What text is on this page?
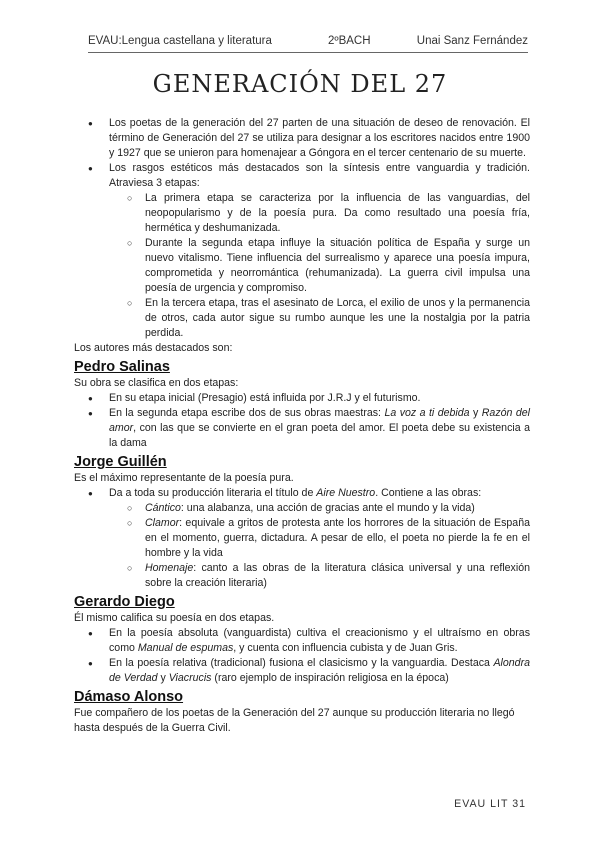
EVAU:Lengua castellana y literatura	2ºBACH	Unai Sanz Fernández
GENERACIÓN DEL 27
● Los poetas de la generación del 27 parten de una situación de deseo de renovación. El término de Generación del 27 se utiliza para designar a los escritores nacidos entre 1900 y 1927 que se unieron para homenajear a Góngora en el tercer centenario de su muerte.
● Los rasgos estéticos más destacados son la síntesis entre vanguardia y tradición. Atraviesa 3 etapas:
○ La primera etapa se caracteriza por la influencia de las vanguardias, del neopopularismo y de la poesía pura. Da como resultado una poesía fría, hermética y deshumanizada.
○ Durante la segunda etapa influye la situación política de España y surge un nuevo vitalismo. Tiene influencia del surrealismo y aparece una poesía impura, comprometida y neorromántica (rehumanizada). La guerra civil impulsa una poesía de urgencia y compromiso.
○ En la tercera etapa, tras el asesinato de Lorca, el exilio de unos y la permanencia de otros, cada autor sigue su rumbo aunque les une la nostalgia por la patria perdida.

Los autores más destacados son:

Pedro Salinas

Su obra se clasifica en dos etapas:

● En su etapa inicial (Presagio) está influida por J.R.J y el futurismo.
● En la segunda etapa escribe dos de sus obras maestras: La voz a ti debida y Razón del amor, con las que se convierte en el gran poeta del amor. El poeta debe su existencia a la dama
Jorge Guillén

Es el máximo representante de la poesía pura.

● Da a toda su producción literaria el título de Aire Nuestro. Contiene a las obras:
○ Cántico: una alabanza, una acción de gracias ante el mundo y la vida)
○ Clamor: equivale a gritos de protesta ante los horrores de la situación de España en el momento, guerra, dictadura. A pesar de ello, el poeta no pierde la fe en el hombre y la vida
○ Homenaje: canto a las obras de la literatura clásica universal y una reflexión sobre la creación literaria)
Gerardo Diego

Él mismo califica su poesía en dos etapas.

● En la poesía absoluta (vanguardista) cultiva el creacionismo y el ultraísmo en obras como Manual de espumas, y cuenta con influencia cubista y de Juan Gris.
● En la poesía relativa (tradicional) fusiona el clasicismo y la vanguardia. Destaca Alondra de Verdad y Viacrucis (raro ejemplo de inspiración religiosa en la época)
Dámaso Alonso

Fue compañero de los poetas de la Generación del 27 aunque su producción literaria no llegó hasta después de la Guerra Civil.

EVAU LIT 31
